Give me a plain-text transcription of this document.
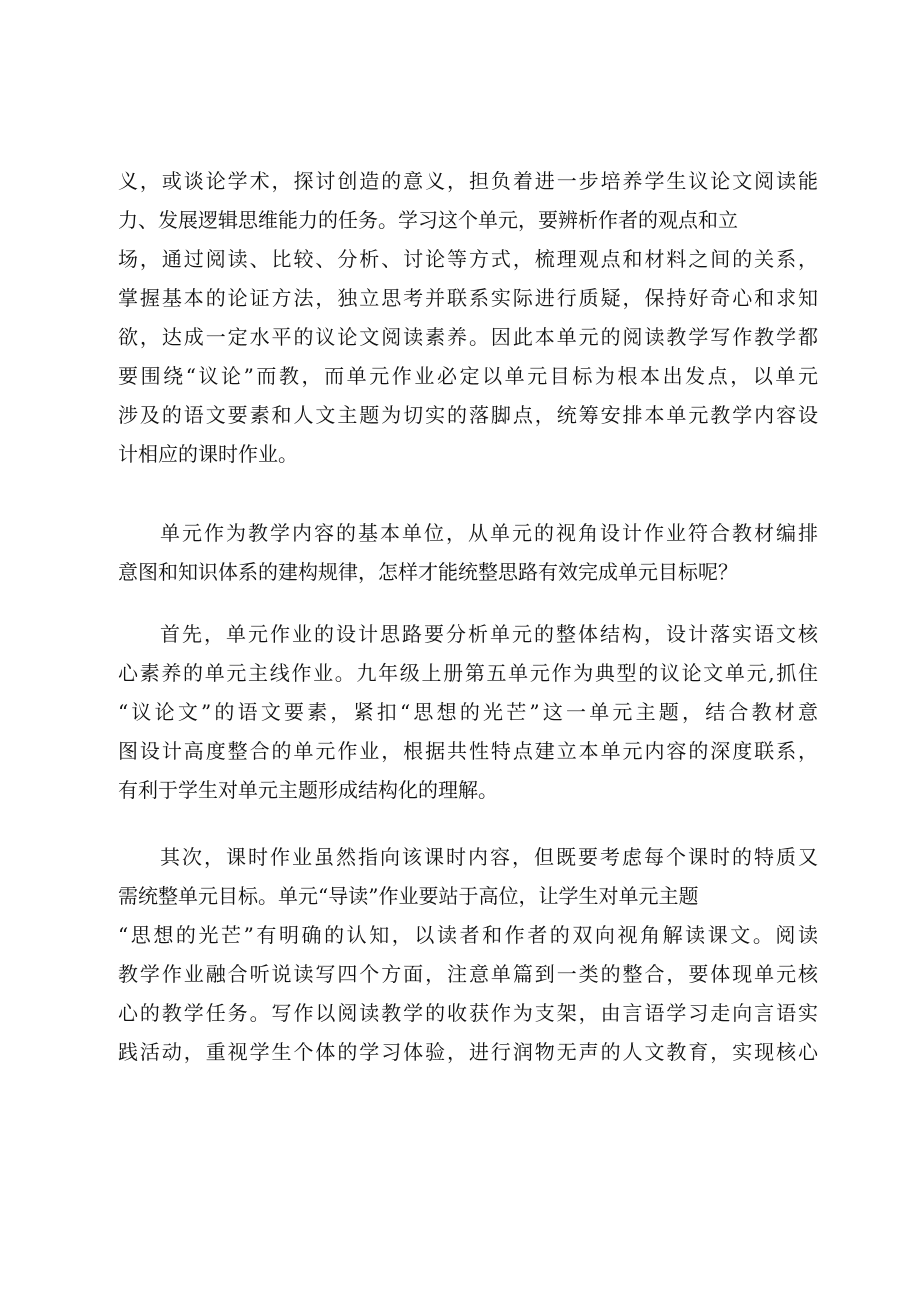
义，或谈论学术，探讨创造的意义，担负着进一步培养学生议论文阅读能
力、发展逻辑思维能力的任务。学习这个单元，要辨析作者的观点和立
场，通过阅读、比较、分析、讨论等方式，梳理观点和材料之间的关系，
掌握基本的论证方法，独立思考并联系实际进行质疑，保持好奇心和求知
欲，达成一定水平的议论文阅读素养。因此本单元的阅读教学写作教学都
要围绕“议论”而教，而单元作业必定以单元目标为根本出发点，以单元
涉及的语文要素和人文主题为切实的落脚点，统筹安排本单元教学内容设
计相应的课时作业。
单元作为教学内容的基本单位，从单元的视角设计作业符合教材编排
意图和知识体系的建构规律，怎样才能统整思路有效完成单元目标呢？
首先，单元作业的设计思路要分析单元的整体结构，设计落实语文核
心素养的单元主线作业。九年级上册第五单元作为典型的议论文单元,抓住
“议论文”的语文要素，紧扣“思想的光芒”这一单元主题，结合教材意
图设计高度整合的单元作业，根据共性特点建立本单元内容的深度联系，
有利于学生对单元主题形成结构化的理解。
其次，课时作业虽然指向该课时内容，但既要考虑每个课时的特质又
需统整单元目标。单元“导读”作业要站于高位，让学生对单元主题
“思想的光芒”有明确的认知，以读者和作者的双向视角解读课文。阅读
教学作业融合听说读写四个方面，注意单篇到一类的整合，要体现单元核
心的教学任务。写作以阅读教学的收获作为支架，由言语学习走向言语实
践活动，重视学生个体的学习体验，进行润物无声的人文教育，实现核心
